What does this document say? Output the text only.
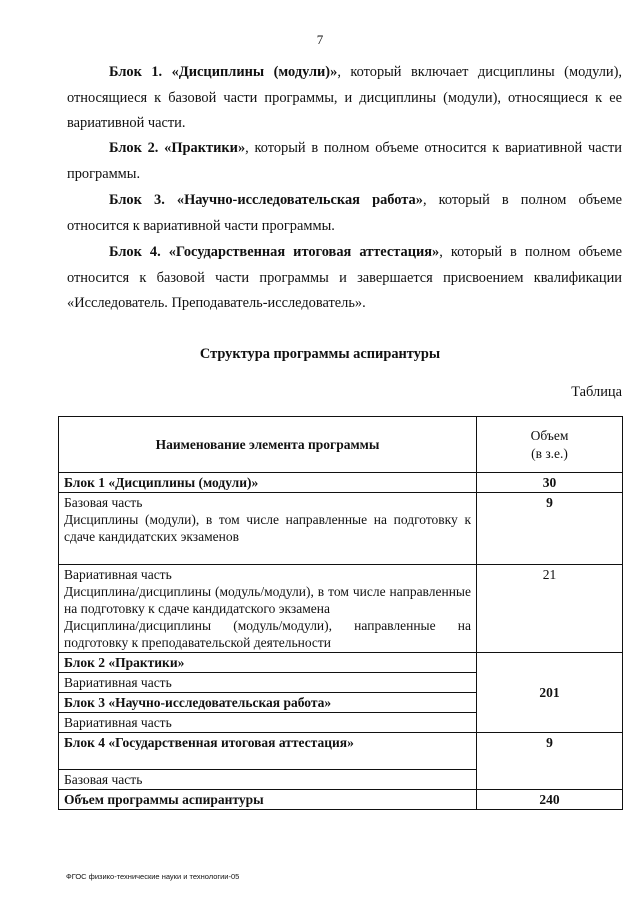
7

Блок 1. «Дисциплины (модули)», который включает дисциплины (модули), относящиеся к базовой части программы, и дисциплины (модули), относящиеся к ее вариативной части.

Блок 2. «Практики», который в полном объеме относится к вариативной части программы.

Блок 3. «Научно-исследовательская работа», который в полном объеме относится к вариативной части программы.

Блок 4. «Государственная итоговая аттестация», который в полном объеме относится к базовой части программы и завершается присвоением квалификации «Исследователь. Преподаватель-исследователь».

Структура программы аспирантуры
Таблица
Наименование элемента программы	Объем
(в з.е.)
Блок 1 «Дисциплины (модули)»	30

Базовая часть
Дисциплины (модули), в том числе направленные на подготовку к сдаче кандидатских экзаменов	9

Вариативная часть
Дисциплина/дисциплины (модуль/модули), в том числе направленные на подготовку к сдаче кандидатского экзамена
Дисциплина/дисциплины (модуль/модули), направленные на подготовку к преподавательской деятельности	21
Блок 2 «Практики»	201
Вариативная часть	
Блок 3 «Научно-исследовательская работа»	
Вариативная часть	
Блок 4 «Государственная итоговая аттестация»	9
Базовая часть	
Объем программы аспирантуры	240
ФГОС физико-технические науки и технологии-05
